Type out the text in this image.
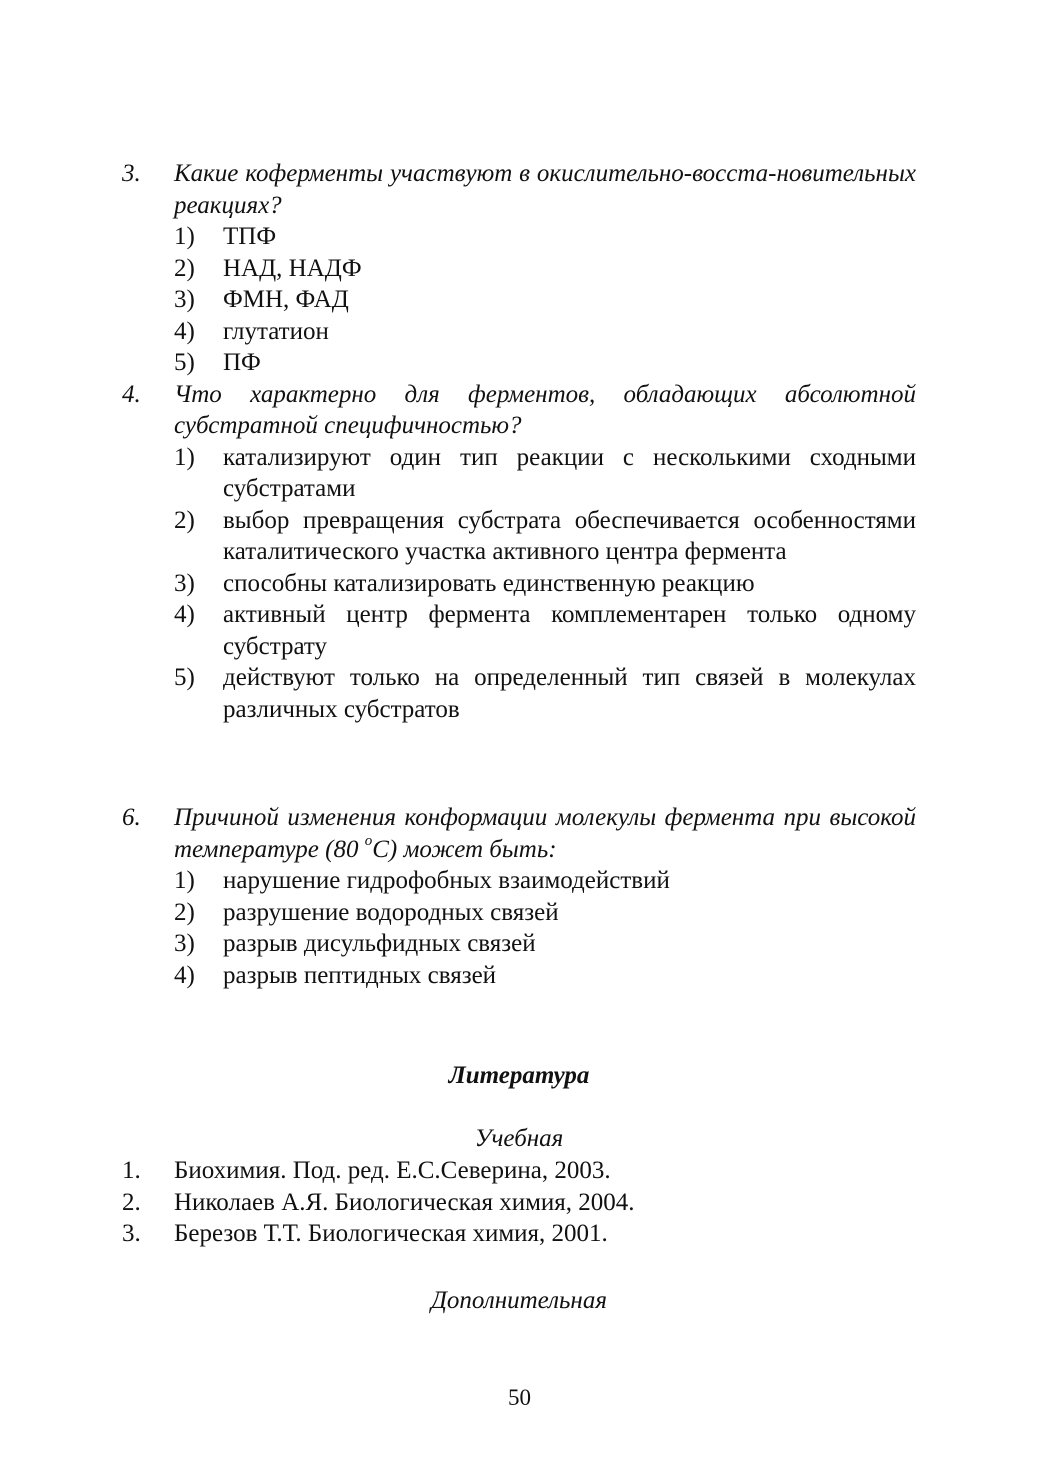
3.	Какие коферменты участвуют в окислительно-восста-новительных реакциях?
1)	ТПФ
2)	НАД, НАДФ
3)	ФМН, ФАД
4)	глутатион
5)	ПФ
4.	Что характерно для ферментов, обладающих абсолютной субстратной специфичностью?
1)	катализируют один тип реакции с несколькими сходными субстратами
2)	выбор превращения субстрата обеспечивается особенностями каталитического участка активного центра фермента
3)	способны катализировать единственную реакцию
4)	активный центр фермента комплементарен только одному субстрату
5)	действуют только на определенный тип связей в молекулах различных субстратов
6.	Причиной изменения конформации молекулы фермента при высокой температуре (80 $^o$C) может быть:
1)	нарушение гидрофобных взаимодействий
2)	разрушение водородных связей
3)	разрыв дисульфидных связей
4)	разрыв пептидных связей
Литература
Учебная
1.	Биохимия. Под. ред. Е.С.Северина, 2003.
2.	Николаев А.Я. Биологическая химия, 2004.
3.	Березов Т.Т. Биологическая химия, 2001.
Дополнительная
50
